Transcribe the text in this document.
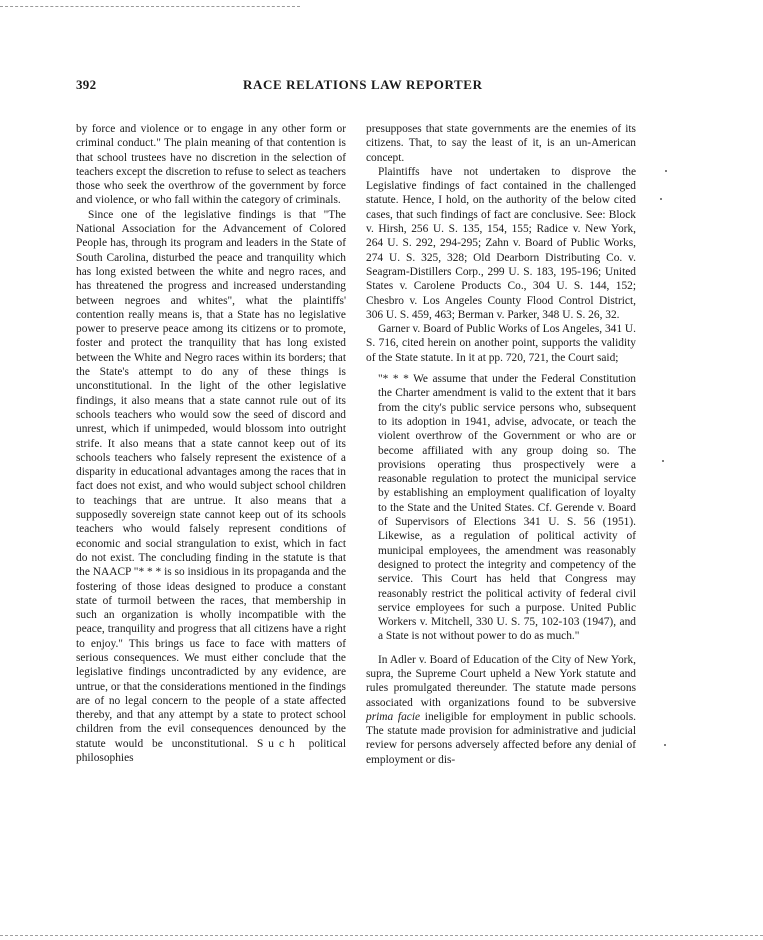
392	RACE RELATIONS LAW REPORTER

by force and violence or to engage in any other form or criminal conduct." The plain meaning of that contention is that school trustees have no discretion in the selection of teachers except the discretion to refuse to select as teachers those who seek the overthrow of the government by force and violence, or who fall within the category of criminals.

Since one of the legislative findings is that "The National Association for the Advancement of Colored People has, through its program and leaders in the State of South Carolina, disturbed the peace and tranquility which has long existed between the white and negro races, and has threatened the progress and increased understanding between negroes and whites", what the plaintiffs' contention really means is, that a State has no legislative power to preserve peace among its citizens or to promote, foster and protect the tranquility that has long existed between the White and Negro races within its borders; that the State's attempt to do any of these things is unconstitutional. In the light of the other legislative findings, it also means that a state cannot rule out of its schools teachers who would sow the seed of discord and unrest, which if unimpeded, would blossom into outright strife. It also means that a state cannot keep out of its schools teachers who falsely represent the existence of a disparity in educational advantages among the races that in fact does not exist, and who would subject school children to teachings that are untrue. It also means that a supposedly sovereign state cannot keep out of its schools teachers who would falsely represent conditions of economic and social strangulation to exist, which in fact do not exist. The concluding finding in the statute is that the NAACP "* * * is so insidious in its propaganda and the fostering of those ideas designed to produce a constant state of turmoil between the races, that membership in such an organization is wholly incompatible with the peace, tranquility and progress that all citizens have a right to enjoy." This brings us face to face with matters of serious consequences. We must either conclude that the legislative findings uncontradicted by any evidence, are untrue, or that the considerations mentioned in the findings are of no legal concern to the people of a state affected thereby, and that any attempt by a state to protect school children from the evil consequences denounced by the statute would be unconstitutional. Such political philosophies

presupposes that state governments are the enemies of its citizens. That, to say the least of it, is an un-American concept.

Plaintiffs have not undertaken to disprove the Legislative findings of fact contained in the challenged statute. Hence, I hold, on the authority of the below cited cases, that such findings of fact are conclusive. See: Block v. Hirsh, 256 U. S. 135, 154, 155; Radice v. New York, 264 U. S. 292, 294-295; Zahn v. Board of Public Works, 274 U. S. 325, 328; Old Dearborn Distributing Co. v. Seagram-Distillers Corp., 299 U. S. 183, 195-196; United States v. Carolene Products Co., 304 U. S. 144, 152; Chesbro v. Los Angeles County Flood Control District, 306 U. S. 459, 463; Berman v. Parker, 348 U. S. 26, 32.

Garner v. Board of Public Works of Los Angeles, 341 U. S. 716, cited herein on another point, supports the validity of the State statute. In it at pp. 720, 721, the Court said;

"* * * We assume that under the Federal Constitution the Charter amendment is valid to the extent that it bars from the city's public service persons who, subsequent to its adoption in 1941, advise, advocate, or teach the violent overthrow of the Government or who are or become affiliated with any group doing so. The provisions operating thus prospectively were a reasonable regulation to protect the municipal service by establishing an employment qualification of loyalty to the State and the United States. Cf. Gerende v. Board of Supervisors of Elections 341 U. S. 56 (1951). Likewise, as a regulation of political activity of municipal employees, the amendment was reasonably designed to protect the integrity and competency of the service. This Court has held that Congress may reasonably restrict the political activity of federal civil service employees for such a purpose. United Public Workers v. Mitchell, 330 U. S. 75, 102-103 (1947), and a State is not without power to do as much."

In Adler v. Board of Education of the City of New York, supra, the Supreme Court upheld a New York statute and rules promulgated thereunder. The statute made persons associated with organizations found to be subversive prima facie ineligible for employment in public schools. The statute made provision for administrative and judicial review for persons adversely affected before any denial of employment or dis-
